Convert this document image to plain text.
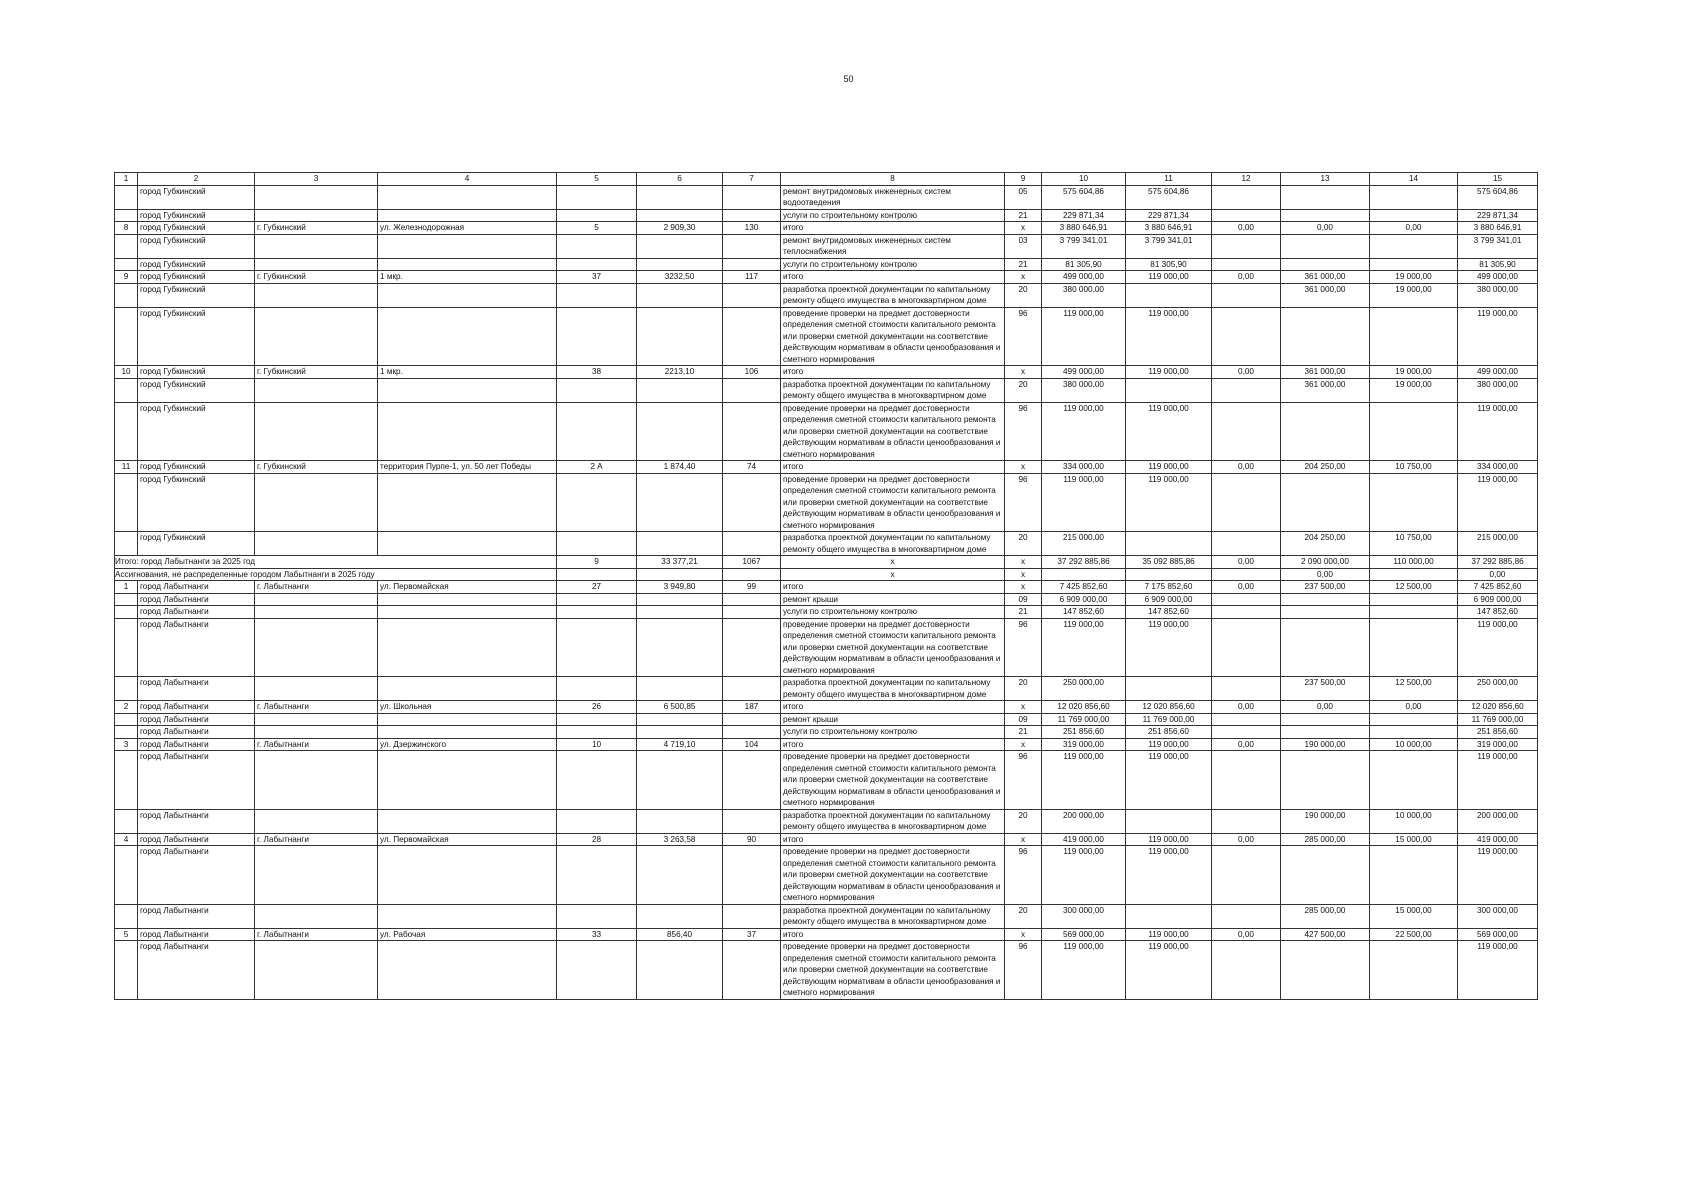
50
1	2	3	4	5	6	7	8	9	10	11	12	13	14	15
	город Губкинский						ремонт внутридомовых инженерных систем водоотведения	05	575 604,86	575 604,86				575 604,86
	город Губкинский						услуги по строительному контролю	21	229 871,34	229 871,34				229 871,34
8	город Губкинский	г. Губкинский	ул. Железнодорожная	5	2 909,30	130	итого	х	3 880 646,91	3 880 646,91	0,00	0,00	0,00	3 880 646,91
	город Губкинский						ремонт внутридомовых инженерных систем теплоснабжения	03	3 799 341,01	3 799 341,01				3 799 341,01
	город Губкинский						услуги по строительному контролю	21	81 305,90	81 305,90				81 305,90
9	город Губкинский	г. Губкинский	1 мкр.	37	3232,50	117	итого	х	499 000,00	119 000,00	0,00	361 000,00	19 000,00	499 000,00
	город Губкинский						разработка проектной документации по капитальному ремонту общего имущества в многоквартирном доме	20	380 000,00			361 000,00	19 000,00	380 000,00
	город Губкинский						проведение проверки на предмет достоверности определения сметной стоимости капитального ремонта или проверки сметной документации на соответствие действующим нормативам в области ценообразования и сметного нормирования	96	119 000,00	119 000,00				119 000,00
10	город Губкинский	г. Губкинский	1 мкр.	38	2213,10	106	итого	х	499 000,00	119 000,00	0,00	361 000,00	19 000,00	499 000,00
	город Губкинский						разработка проектной документации по капитальному ремонту общего имущества в многоквартирном доме	20	380 000,00			361 000,00	19 000,00	380 000,00
	город Губкинский						проведение проверки на предмет достоверности определения сметной стоимости капитального ремонта или проверки сметной документации на соответствие действующим нормативам в области ценообразования и сметного нормирования	96	119 000,00	119 000,00				119 000,00
11	город Губкинский	г. Губкинский	территория Пурпе-1, ул. 50 лет Победы	2 А	1 874,40	74	итого	х	334 000,00	119 000,00	0,00	204 250,00	10 750,00	334 000,00
	город Губкинский						проведение проверки на предмет достоверности определения сметной стоимости капитального ремонта или проверки сметной документации на соответствие действующим нормативам в области ценообразования и сметного нормирования	96	119 000,00	119 000,00				119 000,00
	город Губкинский						разработка проектной документации по капитальному ремонту общего имущества в многоквартирном доме	20	215 000,00			204 250,00	10 750,00	215 000,00
Итого: город Лабытнанги за 2025 год				9	33 377,21	1067	х	х	37 292 885,86	35 092 885,86	0,00	2 090 000,00	110 000,00	37 292 885,86
Ассигнования, не распределенные городом Лабытнанги в 2025 году							х	х				0,00		0,00
1	город Лабытнанги	г. Лабытнанги	ул. Первомайская	27	3 949,80	99	итого	х	7 425 852,60	7 175 852,60	0,00	237 500,00	12 500,00	7 425 852,60
	город Лабытнанги						ремонт крыши	09	6 909 000,00	6 909 000,00				6 909 000,00
	город Лабытнанги						услуги по строительному контролю	21	147 852,60	147 852,60				147 852,60
	город Лабытнанги						проведение проверки на предмет достоверности определения сметной стоимости капитального ремонта или проверки сметной документации на соответствие действующим нормативам в области ценообразования и сметного нормирования	96	119 000,00	119 000,00				119 000,00
	город Лабытнанги						разработка проектной документации по капитальному ремонту общего имущества в многоквартирном доме	20	250 000,00			237 500,00	12 500,00	250 000,00
2	город Лабытнанги	г. Лабытнанги	ул. Школьная	26	6 500,85	187	итого	х	12 020 856,60	12 020 856,60	0,00	0,00	0,00	12 020 856,60
	город Лабытнанги						ремонт крыши	09	11 769 000,00	11 769 000,00				11 769 000,00
	город Лабытнанги						услуги по строительному контролю	21	251 856,60	251 856,60				251 856,60
3	город Лабытнанги	г. Лабытнанги	ул. Дзержинского	10	4 719,10	104	итого	х	319 000,00	119 000,00	0,00	190 000,00	10 000,00	319 000,00
	город Лабытнанги						проведение проверки на предмет достоверности определения сметной стоимости капитального ремонта или проверки сметной документации на соответствие действующим нормативам в области ценообразования и сметного нормирования	96	119 000,00	119 000,00				119 000,00
	город Лабытнанги						разработка проектной документации по капитальному ремонту общего имущества в многоквартирном доме	20	200 000,00			190 000,00	10 000,00	200 000,00
4	город Лабытнанги	г. Лабытнанги	ул. Первомайская	28	3 263,58	90	итого	х	419 000,00	119 000,00	0,00	285 000,00	15 000,00	419 000,00
	город Лабытнанги						проведение проверки на предмет достоверности определения сметной стоимости капитального ремонта или проверки сметной документации на соответствие действующим нормативам в области ценообразования и сметного нормирования	96	119 000,00	119 000,00				119 000,00
	город Лабытнанги						разработка проектной документации по капитальному ремонту общего имущества в многоквартирном доме	20	300 000,00			285 000,00	15 000,00	300 000,00
5	город Лабытнанги	г. Лабытнанги	ул. Рабочая	33	856,40	37	итого	х	569 000,00	119 000,00	0,00	427 500,00	22 500,00	569 000,00
	город Лабытнанги						проведение проверки на предмет достоверности определения сметной стоимости капитального ремонта или проверки сметной документации на соответствие действующим нормативам в области ценообразования и сметного нормирования	96	119 000,00	119 000,00				119 000,00
